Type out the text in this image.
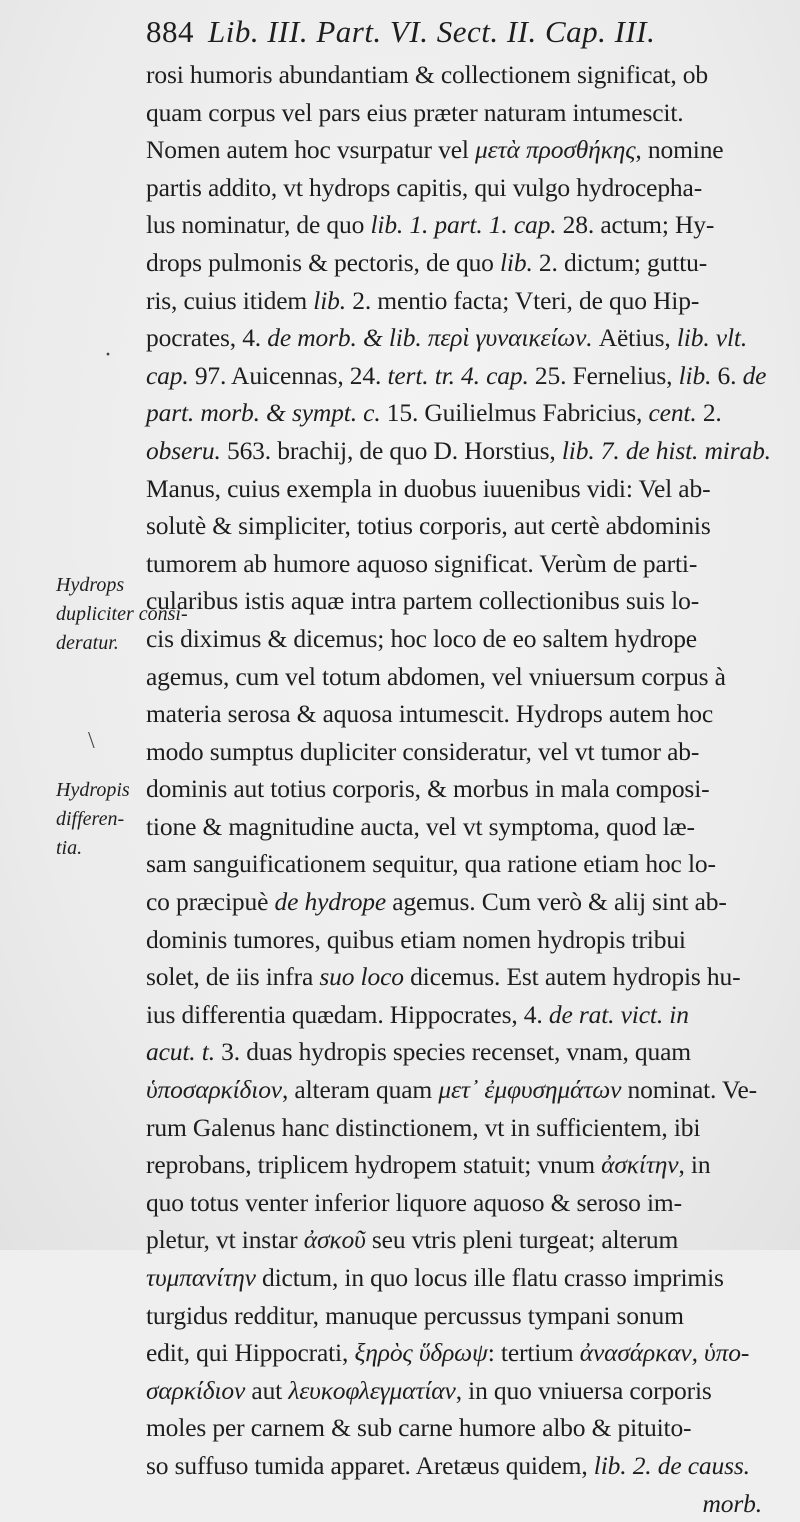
884 Lib. III. Part. VI. Sect. II. Cap. III.
rosi humoris abundantiam & collectionem significat, ob
quam corpus vel pars eius præter naturam intumescit.
Nomen autem hoc vsurpatur vel μετὰ προσθήκης, nomine
partis addito, vt hydrops capitis, qui vulgo hydrocepha-
lus nominatur, de quo lib. 1. part. 1. cap. 28. actum; Hy-
drops pulmonis & pectoris, de quo lib. 2. dictum; guttu-
ris, cuius itidem lib. 2. mentio facta; Vteri, de quo Hip-
pocrates, 4. de morb. & lib. περὶ γυναικείων. Aëtius, lib. vlt.
cap. 97. Auicennas, 24. tert. tr. 4. cap. 25. Fernelius, lib. 6. de
part. morb. & sympt. c. 15. Guilielmus Fabricius, cent. 2.
obseru. 563. brachij, de quo D. Horstius, lib. 7. de hist. mirab.
Manus, cuius exempla in duobus iuuenibus vidi: Vel ab-
solutè & simpliciter, totius corporis, aut certè abdominis
tumorem ab humore aquoso significat. Verùm de parti-
cularibus istis aquæ intra partem collectionibus suis lo-
cis diximus & dicemus; hoc loco de eo saltem hydrope
agemus, cum vel totum abdomen, vel vniuersum corpus à
materia serosa & aquosa intumescit. Hydrops autem hoc
modo sumptus dupliciter consideratur, vel vt tumor ab-
dominis aut totius corporis, & morbus in mala composi-
tione & magnitudine aucta, vel vt symptoma, quod læ-
sam sanguificationem sequitur, qua ratione etiam hoc lo-
co præcipuè de hydrope agemus. Cum verò & alij sint ab-
dominis tumores, quibus etiam nomen hydropis tribui
solet, de iis infra suo loco dicemus. Est autem hydropis hu-
ius differentia quædam. Hippocrates, 4. de rat. vict. in
acut. t. 3. duas hydropis species recenset, vnam, quam
ὑποσαρκίδιον, alteram quam μετ᾽ ἐμφυσημάτων nominat. Ve-
rum Galenus hanc distinctionem, vt in sufficientem, ibi
reprobans, triplicem hydropem statuit; vnum ἀσκίτην, in
quo totus venter inferior liquore aquoso & seroso im-
pletur, vt instar ἀσκοῦ seu vtris pleni turgeat; alterum
τυμπανίτην dictum, in quo locus ille flatu crasso imprimis
turgidus redditur, manuque percussus tympani sonum
edit, qui Hippocrati, ξηρὸς ὕδρωψ: tertium ἀνασάρκαν, ὑπο-
σαρκίδιον aut λευκοφλεγματίαν, in quo vniuersa corporis
moles per carnem & sub carne humore albo & pituito-
so suffuso tumida apparet. Aretæus quidem, lib. 2. de causs.
morb.
Hydrops
dupliciter consi-
deratur.
Hydropis
differen-
tia.
·
\
